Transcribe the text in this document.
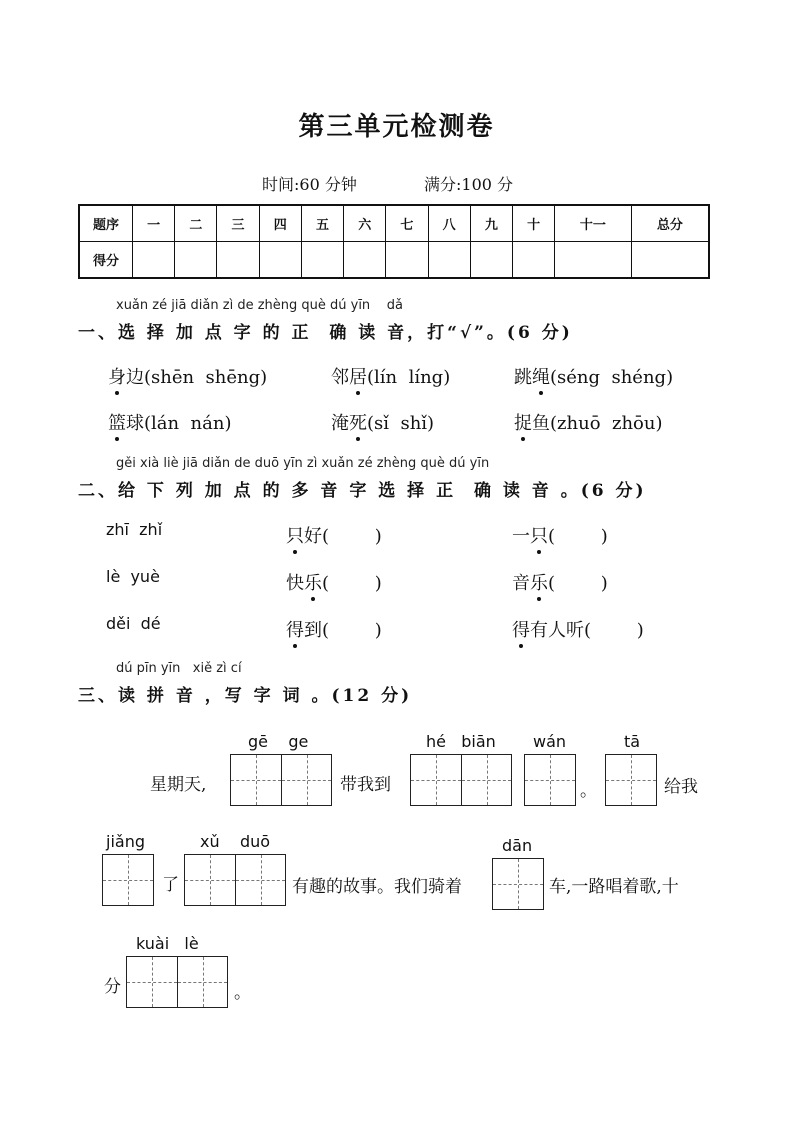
第三单元检测卷
时间:60 分钟	满分:100 分
题序	一	二	三	四	五	六	七	八	九	十	十一	总分
得分												
xuǎn zé jiā diǎn zì de zhèng què dú yīn    dǎ
一、选 择 加 点 字 的 正  确 读 音，打“√”。(6 分)
身边(shēn  shēng)	邻居(lín  líng)	跳绳(séng  shéng)
篮球(lán  nán)	淹死(sǐ  shǐ)	捉鱼(zhuō  zhōu)
gěi xià liè jiā diǎn de duō yīn zì xuǎn zé zhèng què dú yīn
二、给 下 列 加 点 的 多 音 字 选 择 正  确 读 音 。(6 分)
zhī  zhǐ	只好(        )	一只(        )
lè  yuè	快乐(        )	音乐(        )
děi  dé	得到(        )	得有人听(        )
dú pīn yīn   xiě zì cí
三、读 拼 音 ，写 字 词 。(12 分)
星期天,
gē    ge
带我到
hé   biān wán
。
tā
给我
jiǎng
了
xǔ    duō
有趣的故事。我们骑着
dān
车,一路唱着歌,十
kuài   lè
分	。
